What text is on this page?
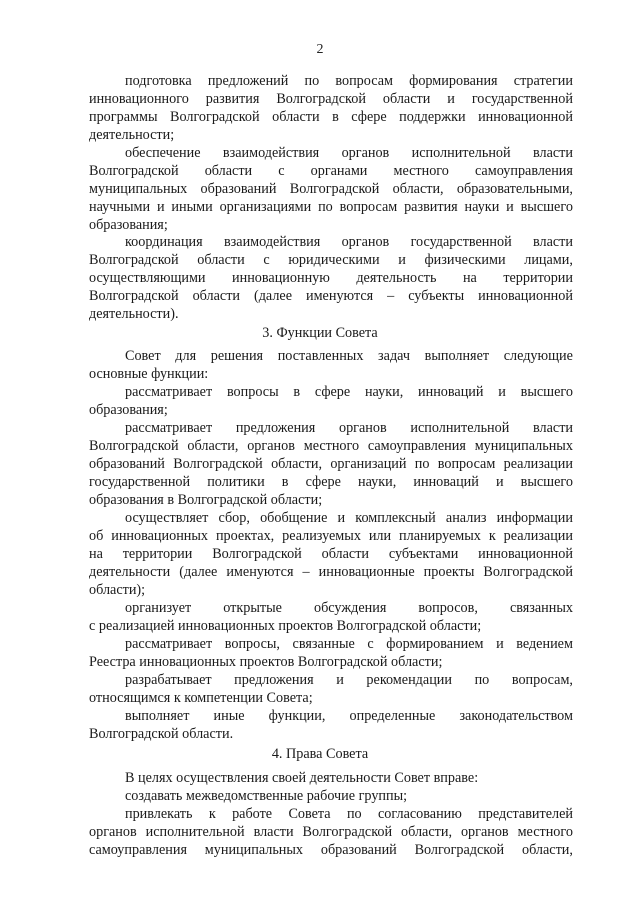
2
подготовка предложений по вопросам формирования стратегии
инновационного развития Волгоградской области и государственной
программы Волгоградской области в сфере поддержки инновационной
деятельности;
обеспечение взаимодействия органов исполнительной власти
Волгоградской области с органами местного самоуправления
муниципальных образований Волгоградской области, образовательными,
научными и иными организациями по вопросам развития науки и высшего
образования;
координация взаимодействия органов государственной власти
Волгоградской области с юридическими и физическими лицами,
осуществляющими инновационную деятельность на территории
Волгоградской области (далее именуются – субъекты инновационной
деятельности).
3. Функции Совета
Совет для решения поставленных задач выполняет следующие
основные функции:
рассматривает вопросы в сфере науки, инноваций и высшего
образования;
рассматривает предложения органов исполнительной власти
Волгоградской области, органов местного самоуправления муниципальных
образований Волгоградской области, организаций по вопросам реализации
государственной политики в сфере науки, инноваций и высшего
образования в Волгоградской области;
осуществляет сбор, обобщение и комплексный анализ информации
об инновационных проектах, реализуемых или планируемых к реализации
на территории Волгоградской области субъектами инновационной
деятельности (далее именуются – инновационные проекты Волгоградской
области);
организует открытые обсуждения вопросов, связанных
с реализацией инновационных проектов Волгоградской области;
рассматривает вопросы, связанные с формированием и ведением
Реестра инновационных проектов Волгоградской области;
разрабатывает предложения и рекомендации по вопросам,
относящимся к компетенции Совета;
выполняет иные функции, определенные законодательством
Волгоградской области.
4. Права Совета
В целях осуществления своей деятельности Совет вправе:
создавать межведомственные рабочие группы;
привлекать к работе Совета по согласованию представителей
органов исполнительной власти Волгоградской области, органов местного
самоуправления муниципальных образований Волгоградской области,
